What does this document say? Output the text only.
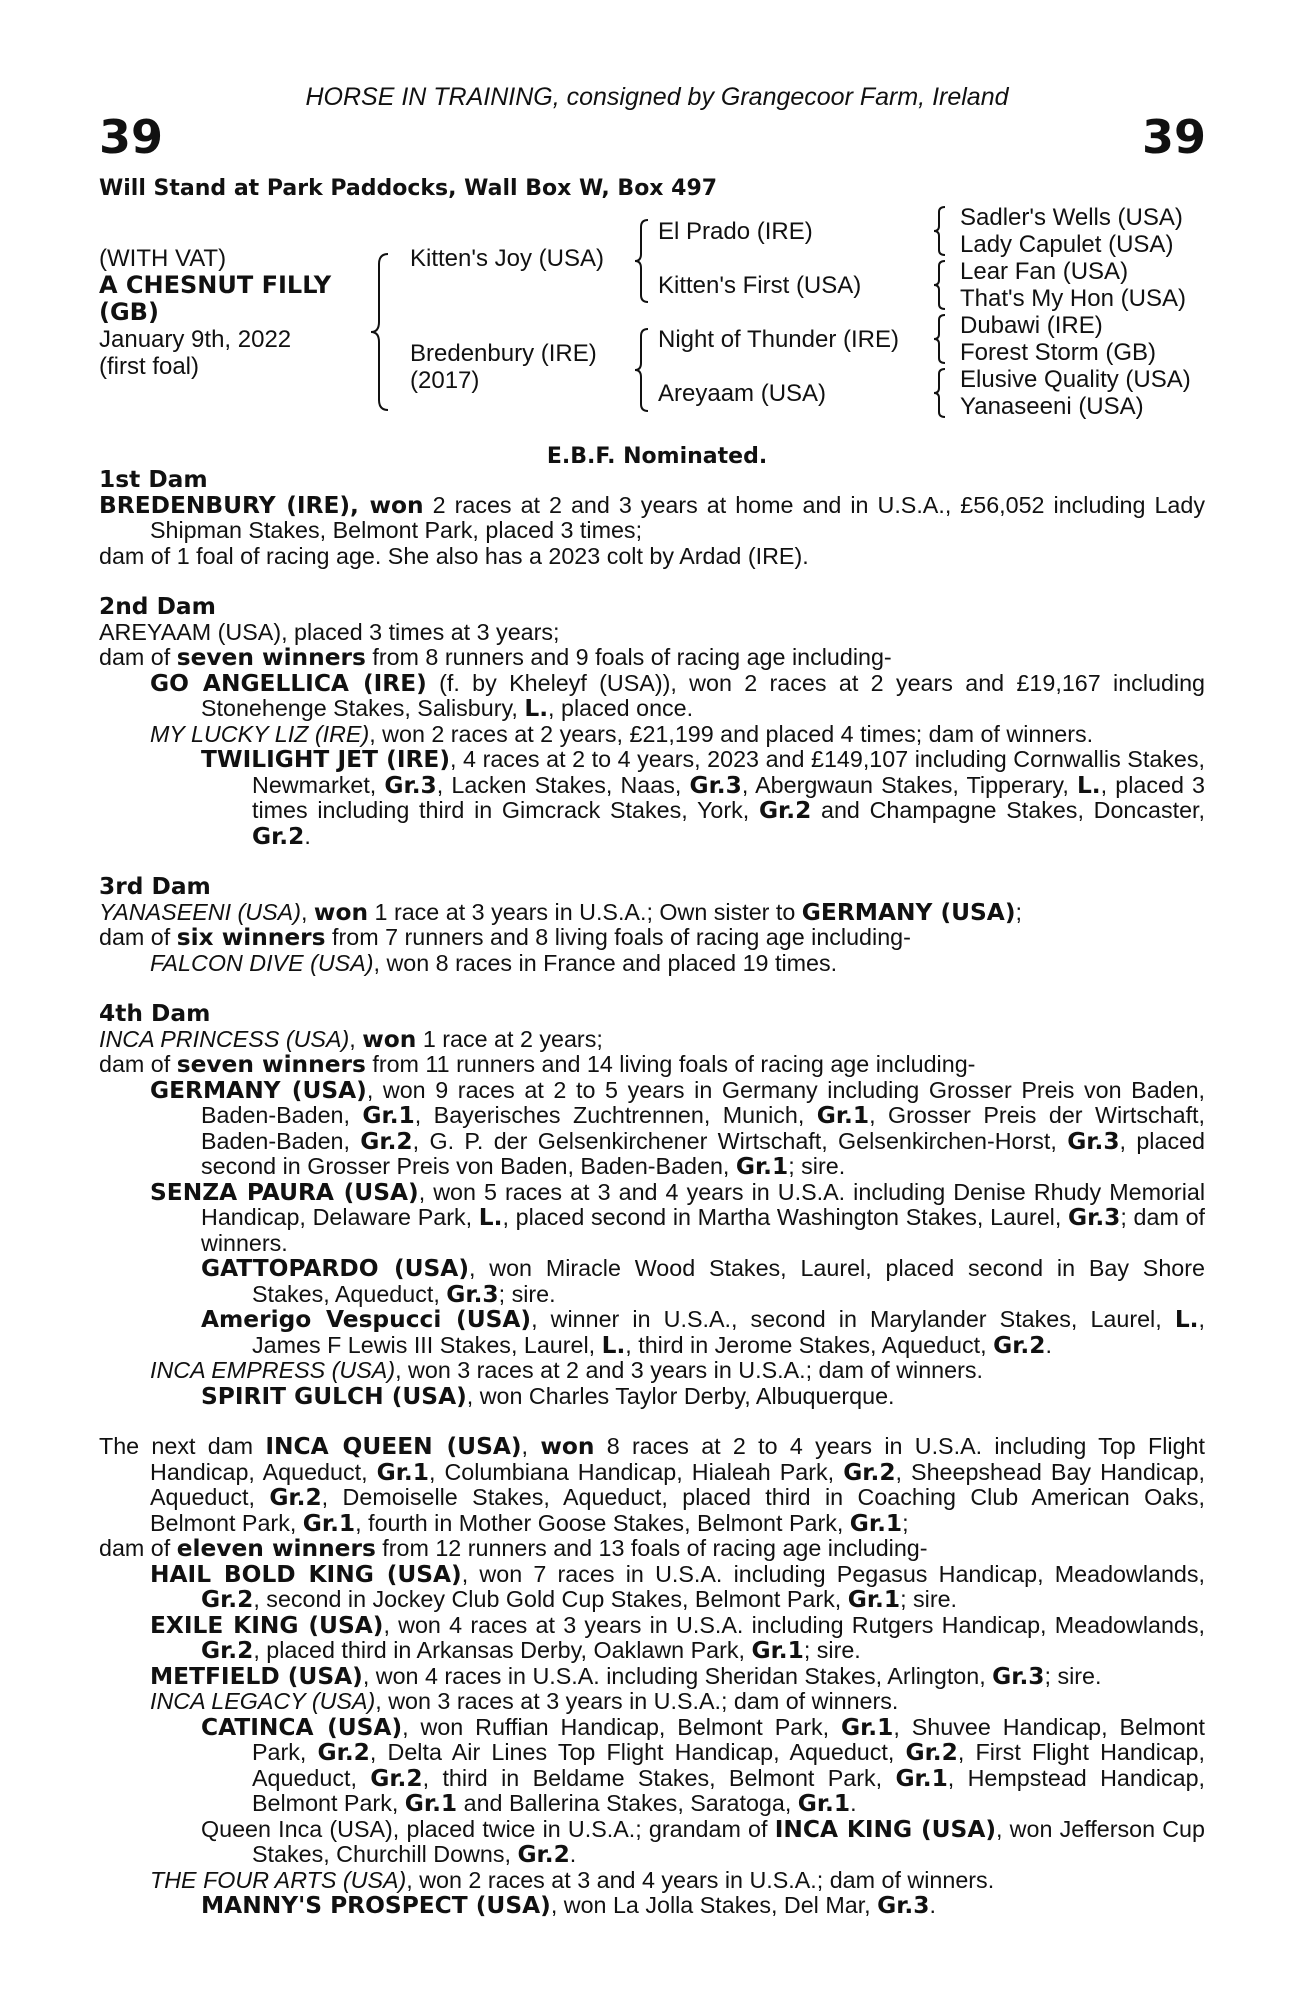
HORSE IN TRAINING, consigned by Grangecoor Farm, Ireland
39	39
Will Stand at Park Paddocks, Wall Box W, Box 497
(WITH VAT)
A CHESNUT FILLY
(GB)
January 9th, 2022
(first foal)
Kitten's Joy (USA)
Bredenbury (IRE)
(2017)
El Prado (IRE)
Kitten's First (USA)
Night of Thunder (IRE)
Areyaam (USA)
Sadler's Wells (USA)
Lady Capulet (USA)
Lear Fan (USA)
That's My Hon (USA)
Dubawi (IRE)
Forest Storm (GB)
Elusive Quality (USA)
Yanaseeni (USA)
E.B.F. Nominated.
1st Dam

BREDENBURY (IRE), won 2 races at 2 and 3 years at home and in U.S.A., £56,052 including Lady Shipman Stakes, Belmont Park, placed 3 times;

dam of 1 foal of racing age. She also has a 2023 colt by Ardad (IRE).

2nd Dam

AREYAAM (USA), placed 3 times at 3 years;

dam of seven winners from 8 runners and 9 foals of racing age including-

GO ANGELLICA (IRE) (f. by Kheleyf (USA)), won 2 races at 2 years and £19,167 including Stonehenge Stakes, Salisbury, L., placed once.

MY LUCKY LIZ (IRE), won 2 races at 2 years, £21,199 and placed 4 times; dam of winners.

TWILIGHT JET (IRE), 4 races at 2 to 4 years, 2023 and £149,107 including Cornwallis Stakes, Newmarket, Gr.3, Lacken Stakes, Naas, Gr.3, Abergwaun Stakes, Tipperary, L., placed 3 times including third in Gimcrack Stakes, York, Gr.2 and Champagne Stakes, Doncaster, Gr.2.

3rd Dam

YANASEENI (USA), won 1 race at 3 years in U.S.A.; Own sister to GERMANY (USA);

dam of six winners from 7 runners and 8 living foals of racing age including-

FALCON DIVE (USA), won 8 races in France and placed 19 times.

4th Dam

INCA PRINCESS (USA), won 1 race at 2 years;

dam of seven winners from 11 runners and 14 living foals of racing age including-

GERMANY (USA), won 9 races at 2 to 5 years in Germany including Grosser Preis von Baden, Baden-Baden, Gr.1, Bayerisches Zuchtrennen, Munich, Gr.1, Grosser Preis der Wirtschaft, Baden-Baden, Gr.2, G. P. der Gelsenkirchener Wirtschaft, Gelsenkirchen-Horst, Gr.3, placed second in Grosser Preis von Baden, Baden-Baden, Gr.1; sire.

SENZA PAURA (USA), won 5 races at 3 and 4 years in U.S.A. including Denise Rhudy Memorial Handicap, Delaware Park, L., placed second in Martha Washington Stakes, Laurel, Gr.3; dam of winners.

GATTOPARDO (USA), won Miracle Wood Stakes, Laurel, placed second in Bay Shore Stakes, Aqueduct, Gr.3; sire.

Amerigo Vespucci (USA), winner in U.S.A., second in Marylander Stakes, Laurel, L., James F Lewis III Stakes, Laurel, L., third in Jerome Stakes, Aqueduct, Gr.2.

INCA EMPRESS (USA), won 3 races at 2 and 3 years in U.S.A.; dam of winners.

SPIRIT GULCH (USA), won Charles Taylor Derby, Albuquerque.

The next dam INCA QUEEN (USA), won 8 races at 2 to 4 years in U.S.A. including Top Flight Handicap, Aqueduct, Gr.1, Columbiana Handicap, Hialeah Park, Gr.2, Sheepshead Bay Handicap, Aqueduct, Gr.2, Demoiselle Stakes, Aqueduct, placed third in Coaching Club American Oaks, Belmont Park, Gr.1, fourth in Mother Goose Stakes, Belmont Park, Gr.1;

dam of eleven winners from 12 runners and 13 foals of racing age including-

HAIL BOLD KING (USA), won 7 races in U.S.A. including Pegasus Handicap, Meadowlands, Gr.2, second in Jockey Club Gold Cup Stakes, Belmont Park, Gr.1; sire.

EXILE KING (USA), won 4 races at 3 years in U.S.A. including Rutgers Handicap, Meadowlands, Gr.2, placed third in Arkansas Derby, Oaklawn Park, Gr.1; sire.

METFIELD (USA), won 4 races in U.S.A. including Sheridan Stakes, Arlington, Gr.3; sire.

INCA LEGACY (USA), won 3 races at 3 years in U.S.A.; dam of winners.

CATINCA (USA), won Ruffian Handicap, Belmont Park, Gr.1, Shuvee Handicap, Belmont Park, Gr.2, Delta Air Lines Top Flight Handicap, Aqueduct, Gr.2, First Flight Handicap, Aqueduct, Gr.2, third in Beldame Stakes, Belmont Park, Gr.1, Hempstead Handicap, Belmont Park, Gr.1 and Ballerina Stakes, Saratoga, Gr.1.

Queen Inca (USA), placed twice in U.S.A.; grandam of INCA KING (USA), won Jefferson Cup Stakes, Churchill Downs, Gr.2.

THE FOUR ARTS (USA), won 2 races at 3 and 4 years in U.S.A.; dam of winners.

MANNY'S PROSPECT (USA), won La Jolla Stakes, Del Mar, Gr.3.
